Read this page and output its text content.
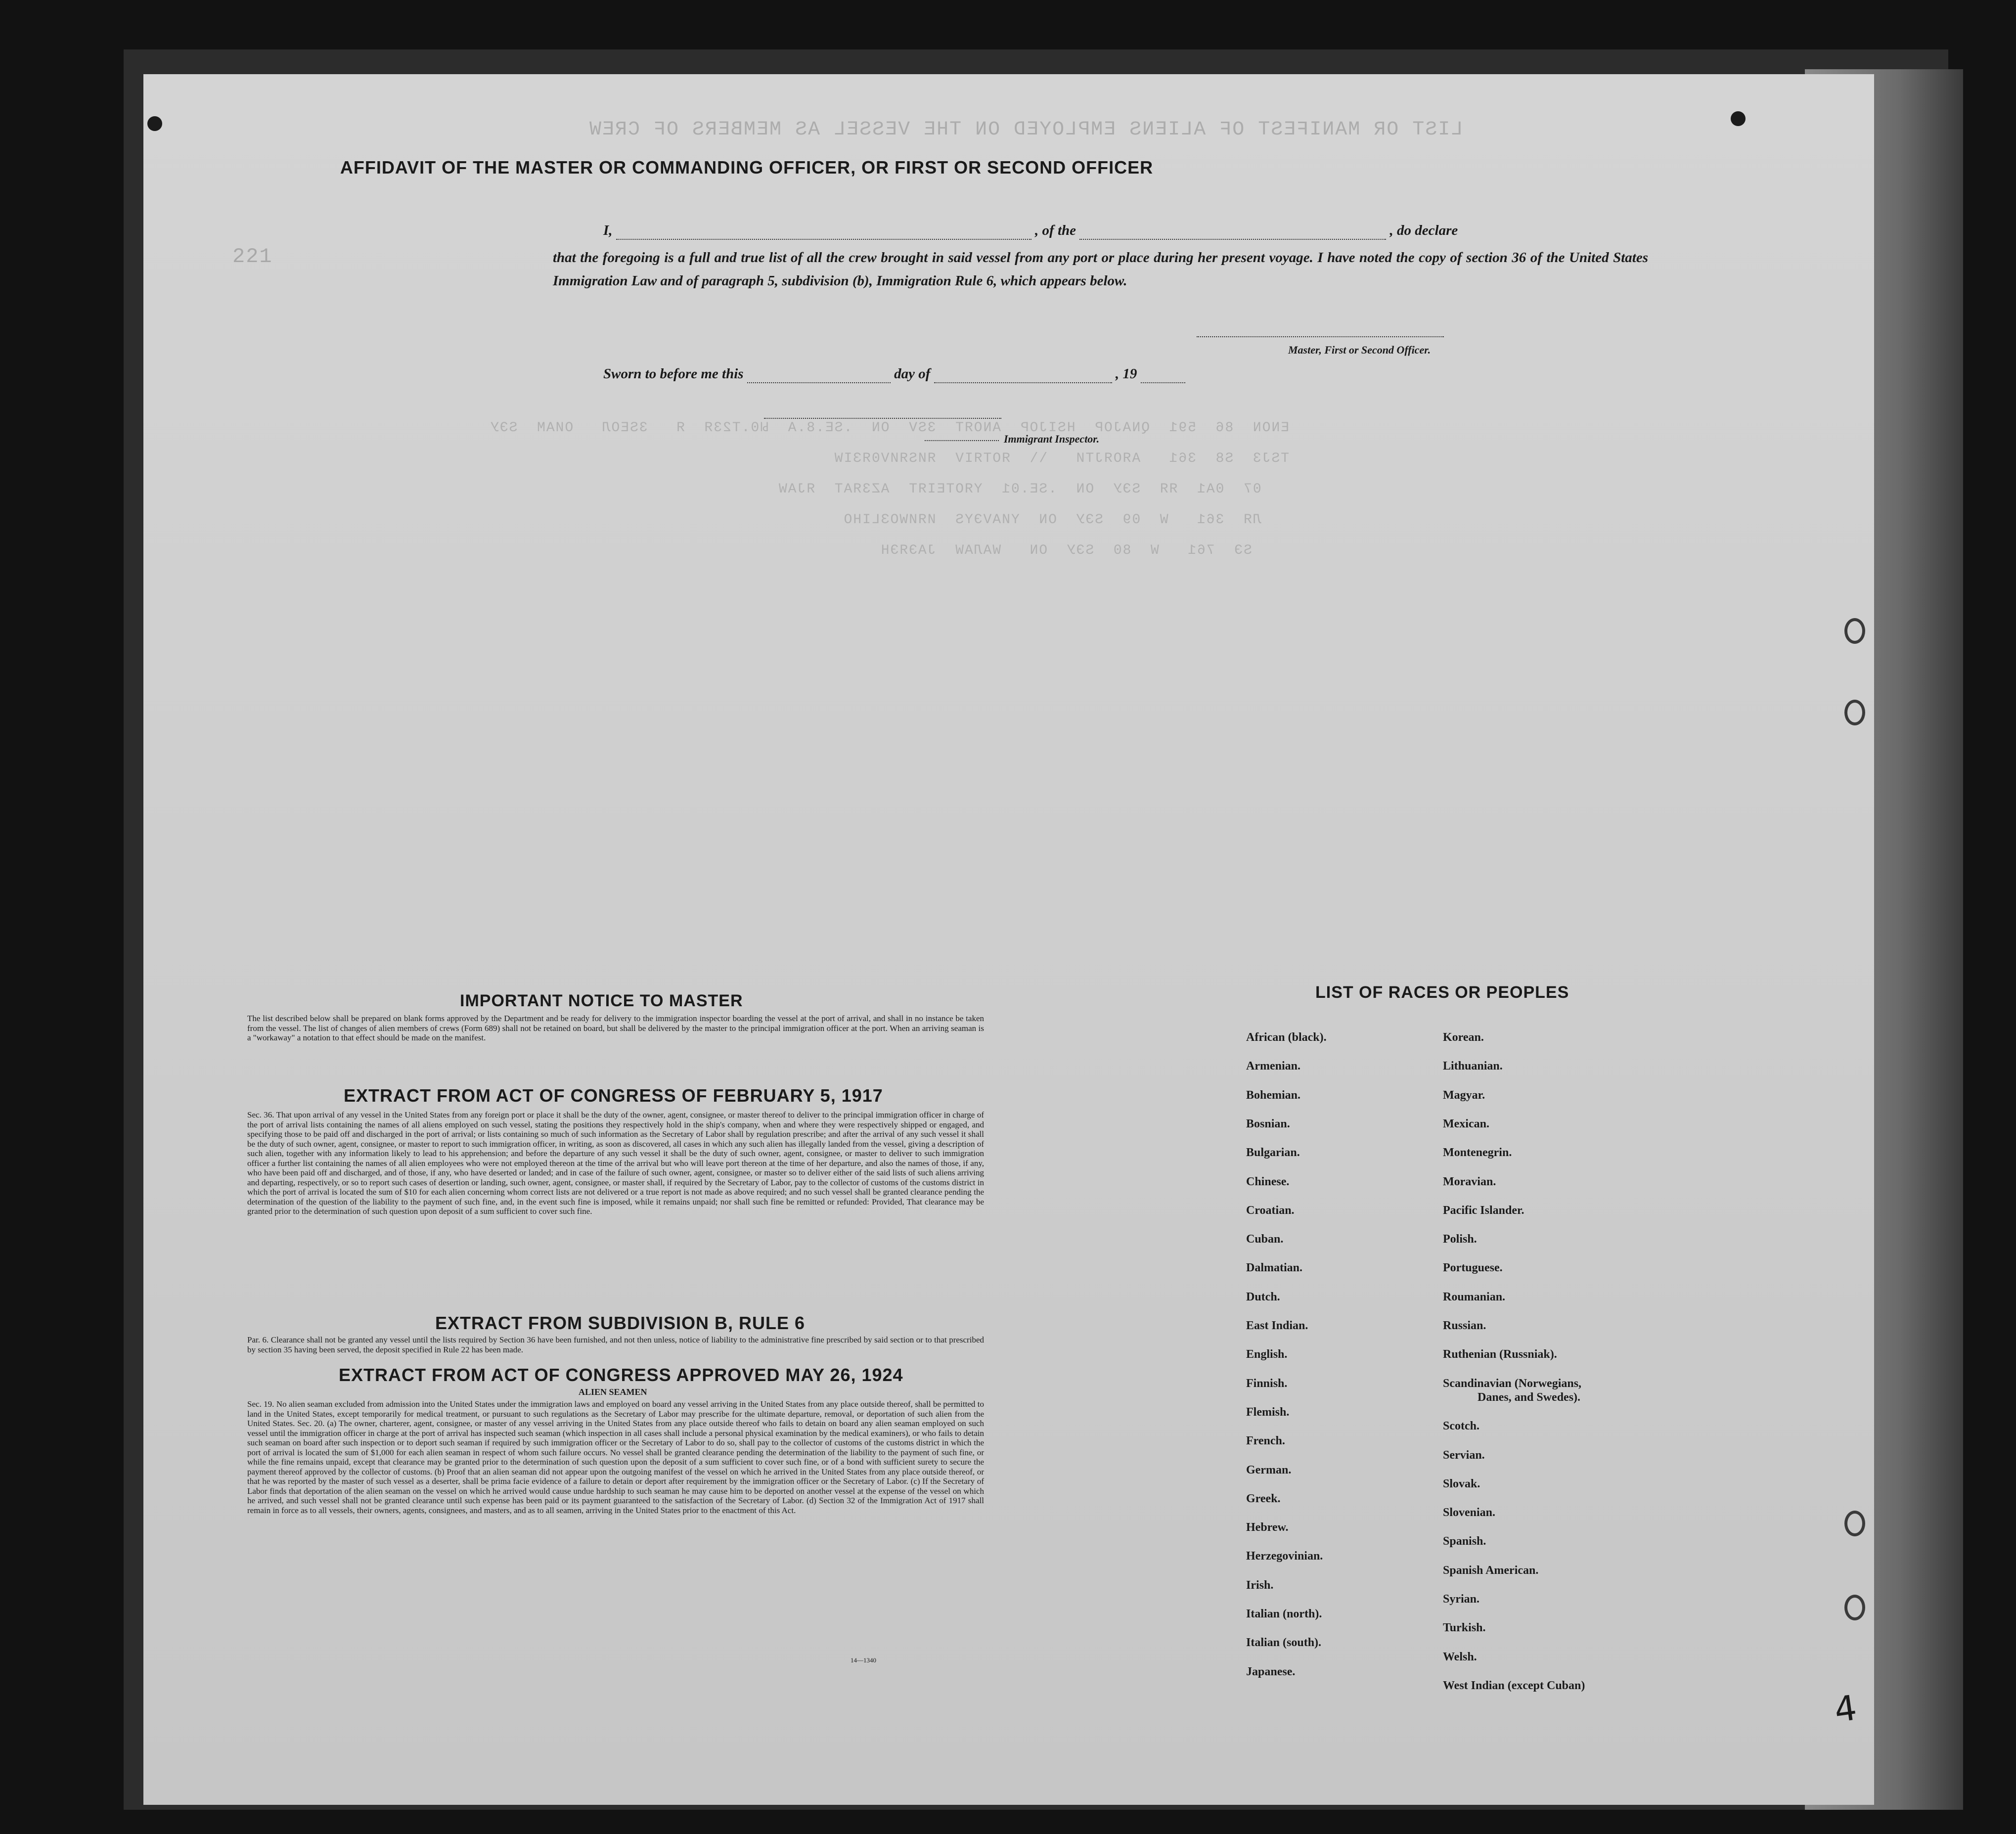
LIST OR MANIFEST OF ALIENS EMPLOYED ON THE VESSEL AS MEMBERS OF CREW
221
ENON  86  591  QNAJOP  HSIJOP  ANOЯT  3SV  ON  .SE.8.A  Ы0.T23Я  Я   3SEOЛ   OИAM  SЭУ

TSJ3  S8  361   AЯOЯJTИ   \\  ЯOTЯIV  ЯИSЯИV0ЯЗIW

07  0A1  ЯЯ  SЭУ  ON  .SE.01  YЯOTЕIЯT  AZ3ЯAT  ЯJАW

ЛЯ  361   W  09  SЭУ  ON  YИAVЭYS  ИЯИWОЗLIHO

SЭ  761   W  80  SЭУ  ON   WAЛAW  JAЭЯЭH
AFFIDAVIT OF THE MASTER OR COMMANDING OFFICER, OR FIRST OR SECOND OFFICER
I,	, of the	, do declare
that the foregoing is a full and true list of all the crew brought in said vessel from any port or place during her present voyage. I have noted the copy of section 36 of the United States Immigration Law and of paragraph 5, subdivision (b), Immigration Rule 6, which appears below.
Master, First or Second Officer.
Sworn to before me this	day of	, 19
Immigrant Inspector.
IMPORTANT NOTICE TO MASTER
The list described below shall be prepared on blank forms approved by the Department and be ready for delivery to the immigration inspector boarding the vessel at the port of arrival, and shall in no instance be taken from the vessel. The list of changes of alien members of crews (Form 689) shall not be retained on board, but shall be delivered by the master to the principal immigration officer at the port. When an arriving seaman is a "workaway" a notation to that effect should be made on the manifest.
EXTRACT FROM ACT OF CONGRESS OF FEBRUARY 5, 1917
Sec. 36. That upon arrival of any vessel in the United States from any foreign port or place it shall be the duty of the owner, agent, consignee, or master thereof to deliver to the principal immigration officer in charge of the port of arrival lists containing the names of all aliens employed on such vessel, stating the positions they respectively hold in the ship's company, when and where they were respectively shipped or engaged, and specifying those to be paid off and discharged in the port of arrival; or lists containing so much of such information as the Secretary of Labor shall by regulation prescribe; and after the arrival of any such vessel it shall be the duty of such owner, agent, consignee, or master to report to such immigration officer, in writing, as soon as discovered, all cases in which any such alien has illegally landed from the vessel, giving a description of such alien, together with any information likely to lead to his apprehension; and before the departure of any such vessel it shall be the duty of such owner, agent, consignee, or master to deliver to such immigration officer a further list containing the names of all alien employees who were not employed thereon at the time of the arrival but who will leave port thereon at the time of her departure, and also the names of those, if any, who have been paid off and discharged, and of those, if any, who have deserted or landed; and in case of the failure of such owner, agent, consignee, or master so to deliver either of the said lists of such aliens arriving and departing, respectively, or so to report such cases of desertion or landing, such owner, agent, consignee, or master shall, if required by the Secretary of Labor, pay to the collector of customs of the customs district in which the port of arrival is located the sum of $10 for each alien concerning whom correct lists are not delivered or a true report is not made as above required; and no such vessel shall be granted clearance pending the determination of the question of the liability to the payment of such fine, and, in the event such fine is imposed, while it remains unpaid; nor shall such fine be remitted or refunded: Provided, That clearance may be granted prior to the determination of such question upon deposit of a sum sufficient to cover such fine.
EXTRACT FROM SUBDIVISION B, RULE 6
Par. 6. Clearance shall not be granted any vessel until the lists required by Section 36 have been furnished, and not then unless, notice of liability to the administrative fine prescribed by said section or to that prescribed by section 35 having been served, the deposit specified in Rule 22 has been made.
EXTRACT FROM ACT OF CONGRESS APPROVED MAY 26, 1924
ALIEN SEAMEN
Sec. 19. No alien seaman excluded from admission into the United States under the immigration laws and employed on board any vessel arriving in the United States from any place outside thereof, shall be permitted to land in the United States, except temporarily for medical treatment, or pursuant to such regulations as the Secretary of Labor may prescribe for the ultimate departure, removal, or deportation of such alien from the United States. Sec. 20. (a) The owner, charterer, agent, consignee, or master of any vessel arriving in the United States from any place outside thereof who fails to detain on board any alien seaman employed on such vessel until the immigration officer in charge at the port of arrival has inspected such seaman (which inspection in all cases shall include a personal physical examination by the medical examiners), or who fails to detain such seaman on board after such inspection or to deport such seaman if required by such immigration officer or the Secretary of Labor to do so, shall pay to the collector of customs of the customs district in which the port of arrival is located the sum of $1,000 for each alien seaman in respect of whom such failure occurs. No vessel shall be granted clearance pending the determination of the liability to the payment of such fine, or while the fine remains unpaid, except that clearance may be granted prior to the determination of such question upon the deposit of a sum sufficient to cover such fine, or of a bond with sufficient surety to secure the payment thereof approved by the collector of customs. (b) Proof that an alien seaman did not appear upon the outgoing manifest of the vessel on which he arrived in the United States from any place outside thereof, or that he was reported by the master of such vessel as a deserter, shall be prima facie evidence of a failure to detain or deport after requirement by the immigration officer or the Secretary of Labor. (c) If the Secretary of Labor finds that deportation of the alien seaman on the vessel on which he arrived would cause undue hardship to such seaman he may cause him to be deported on another vessel at the expense of the vessel on which he arrived, and such vessel shall not be granted clearance until such expense has been paid or its payment guaranteed to the satisfaction of the Secretary of Labor. (d) Section 32 of the Immigration Act of 1917 shall remain in force as to all vessels, their owners, agents, consignees, and masters, and as to all seamen, arriving in the United States prior to the enactment of this Act.
14—1340
LIST OF RACES OR PEOPLES
African (black).
Armenian.
Bohemian.
Bosnian.
Bulgarian.
Chinese.
Croatian.
Cuban.
Dalmatian.
Dutch.
East Indian.
English.
Finnish.
Flemish.
French.
German.
Greek.
Hebrew.
Herzegovinian.
Irish.
Italian (north).
Italian (south).
Japanese.
Korean.
Lithuanian.
Magyar.
Mexican.
Montenegrin.
Moravian.
Pacific Islander.
Polish.
Portuguese.
Roumanian.
Russian.
Ruthenian (Russniak).
Scandinavian (Norwegians,
Danes, and Swedes).
Scotch.
Servian.
Slovak.
Slovenian.
Spanish.
Spanish American.
Syrian.
Turkish.
Welsh.
West Indian (except Cuban)
4
